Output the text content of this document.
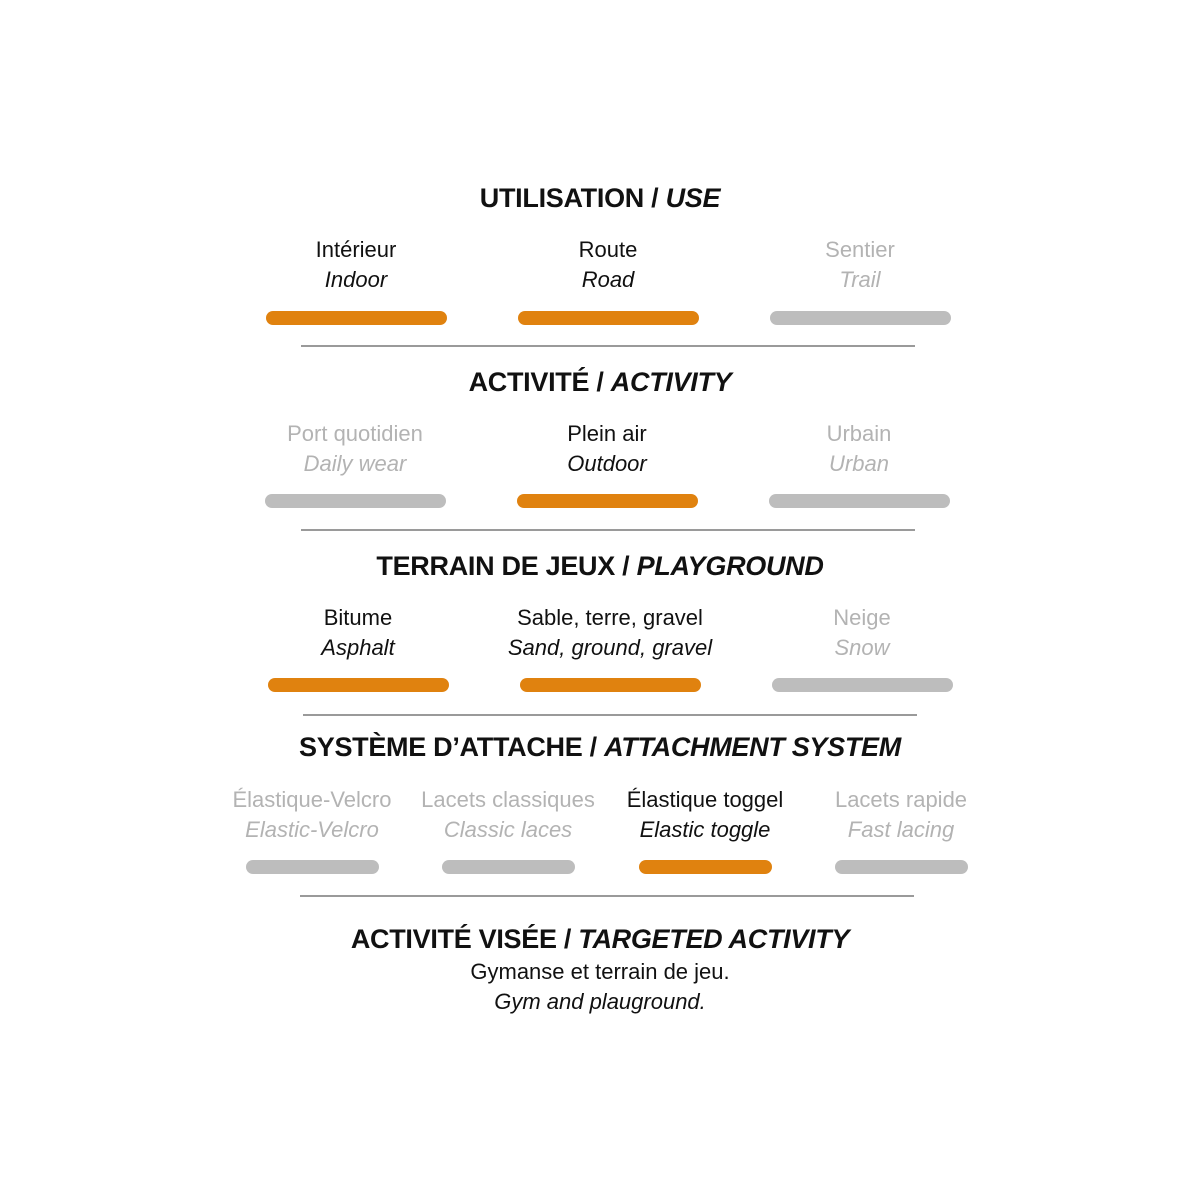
UTILISATION / USE
Intérieur
Indoor
Route
Road
Sentier
Trail
ACTIVITÉ / ACTIVITY
Port quotidien
Daily wear
Plein air
Outdoor
Urbain
Urban
TERRAIN DE JEUX / PLAYGROUND
Bitume
Asphalt
Sable, terre, gravel
Sand, ground, gravel
Neige
Snow
SYSTÈME D’ATTACHE / ATTACHMENT SYSTEM
Élastique-Velcro
Elastic-Velcro
Lacets classiques
Classic laces
Élastique toggel
Elastic toggle
Lacets rapide
Fast lacing
ACTIVITÉ VISÉE / TARGETED ACTIVITY
Gymanse et terrain de jeu.
Gym and plauground.
